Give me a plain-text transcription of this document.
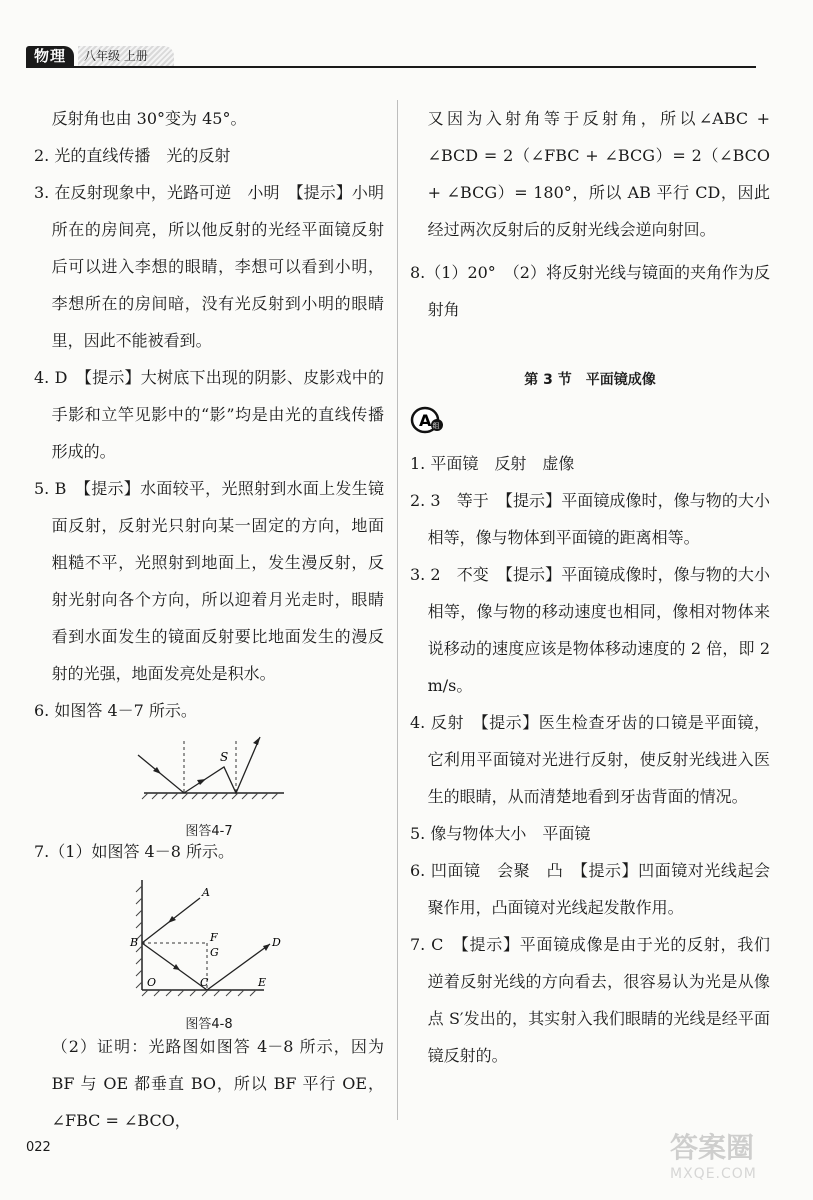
物理	八年级 上册

反射角也由 30°变为 45°。

2. 光的直线传播　光的反射

3. 在反射现象中，光路可逆　小明　【提示】小明所在的房间亮，所以他反射的光经平面镜反射后可以进入李想的眼睛，李想可以看到小明，李想所在的房间暗，没有光反射到小明的眼睛里，因此不能被看到。

4. D　【提示】大树底下出现的阴影、皮影戏中的手影和立竿见影中的“影”均是由光的直线传播形成的。

5. B　【提示】水面较平，光照射到水面上发生镜面反射，反射光只射向某一固定的方向，地面粗糙不平，光照射到地面上，发生漫反射，反射光射向各个方向，所以迎着月光走时，眼睛看到水面发生的镜面反射要比地面发生的漫反射的光强，地面发亮处是积水。

6. 如图答 4－7 所示。

S
图答4-7

7.（1）如图答 4－8 所示。

A
B	F
G
C
D
O	E
图答4-8

（2）证明：光路图如图答 4－8 所示，因为 BF 与 OE 都垂直 BO，所以 BF 平行 OE，∠FBC = ∠BCO，

又因为入射角等于反射角，所以∠ABC + ∠BCD = 2（∠FBC + ∠BCG）= 2（∠BCO + ∠BCG）= 180°，所以 AB 平行 CD，因此经过两次反射后的反射光线会逆向射回。

8.（1）20°　（2）将反射光线与镜面的夹角作为反射角

第 3 节　平面镜成像

A 组

1. 平面镜　反射　虚像

2. 3　等于　【提示】平面镜成像时，像与物的大小相等，像与物体到平面镜的距离相等。

3. 2　不变　【提示】平面镜成像时，像与物的大小相等，像与物的移动速度也相同，像相对物体来说移动的速度应该是物体移动速度的 2 倍，即 2 m/s。

4. 反射　【提示】医生检查牙齿的口镜是平面镜，它利用平面镜对光进行反射，使反射光线进入医生的眼睛，从而清楚地看到牙齿背面的情况。

5. 像与物体大小　平面镜

6. 凹面镜　会聚　凸　【提示】凹面镜对光线起会聚作用，凸面镜对光线起发散作用。

7. C　【提示】平面镜成像是由于光的反射，我们逆着反射光线的方向看去，很容易认为光是从像点 S′发出的，其实射入我们眼睛的光线是经平面镜反射的。

022	答案圈
MXQE.COM
